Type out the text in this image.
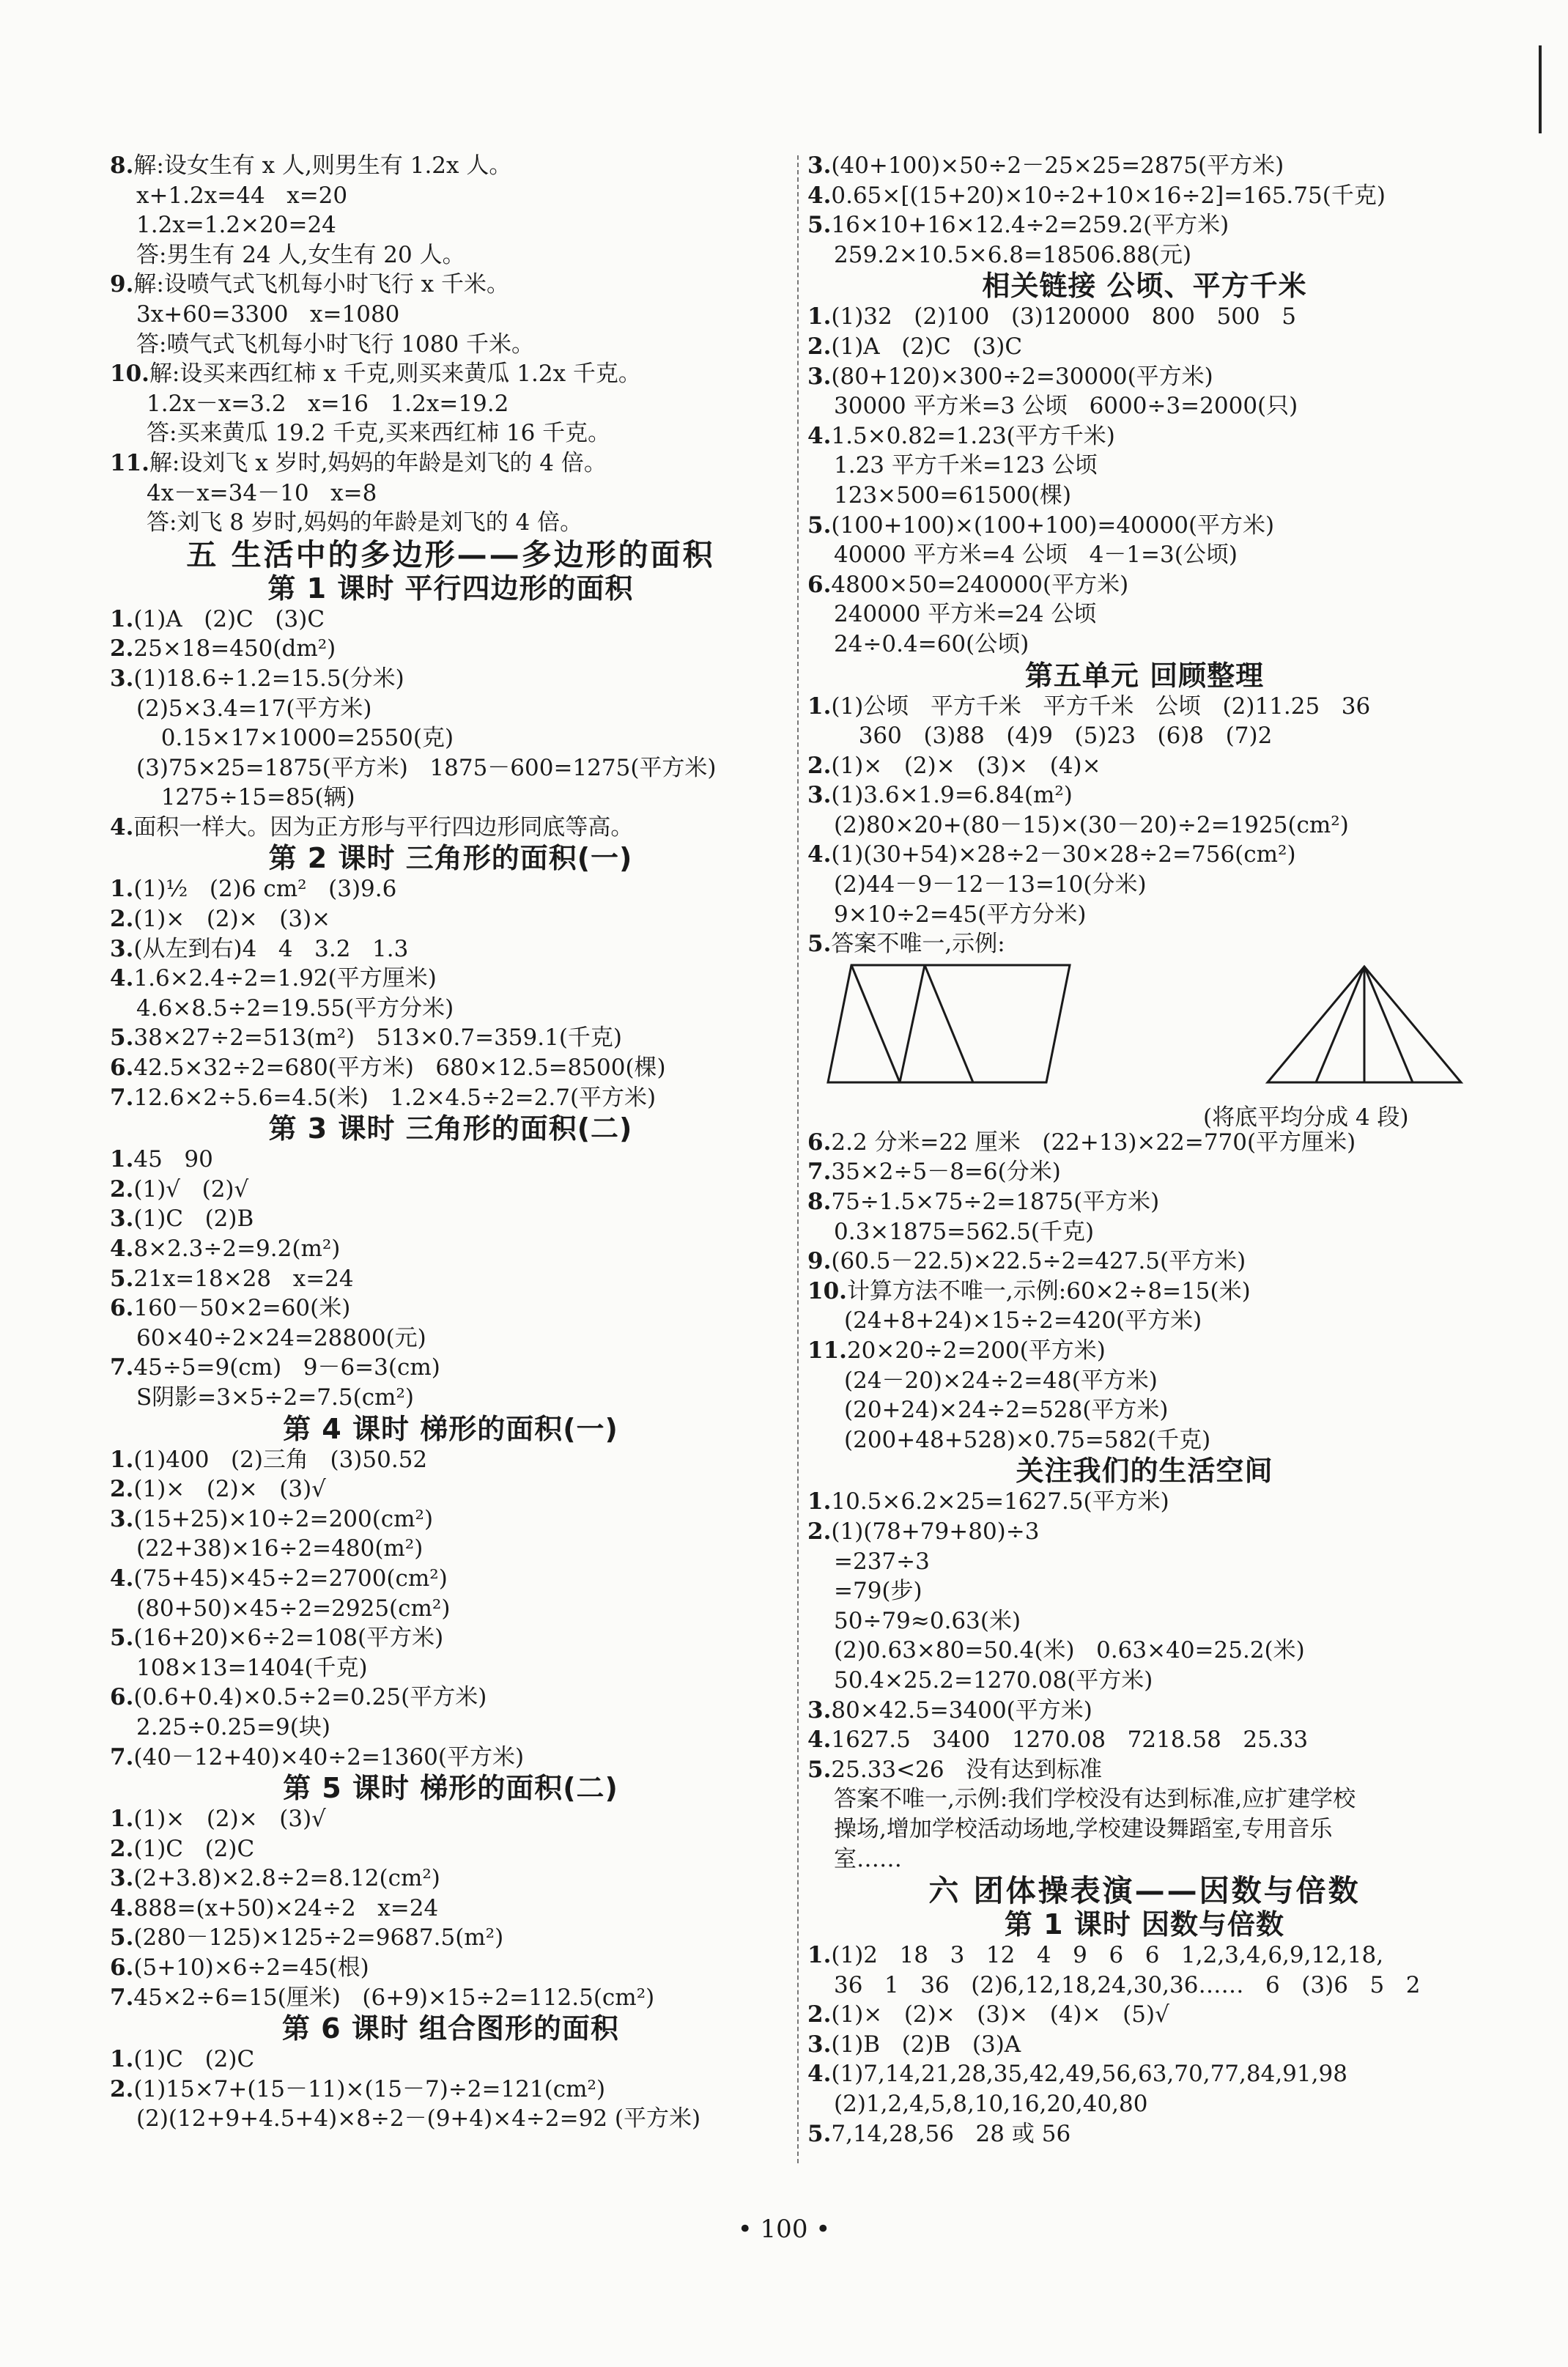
8.解:设女生有 x 人,则男生有 1.2x 人。
x+1.2x=44   x=20
1.2x=1.2×20=24
答:男生有 24 人,女生有 20 人。
9.解:设喷气式飞机每小时飞行 x 千米。
3x+60=3300   x=1080
答:喷气式飞机每小时飞行 1080 千米。
10.解:设买来西红柿 x 千克,则买来黄瓜 1.2x 千克。
1.2x－x=3.2   x=16   1.2x=19.2
答:买来黄瓜 19.2 千克,买来西红柿 16 千克。
11.解:设刘飞 x 岁时,妈妈的年龄是刘飞的 4 倍。
4x－x=34－10   x=8
答:刘飞 8 岁时,妈妈的年龄是刘飞的 4 倍。
五 生活中的多边形——多边形的面积
第 1 课时 平行四边形的面积
1.(1)A   (2)C   (3)C
2.25×18=450(dm²)
3.(1)18.6÷1.2=15.5(分米)
(2)5×3.4=17(平方米)
0.15×17×1000=2550(克)
(3)75×25=1875(平方米)   1875－600=1275(平方米)
1275÷15=85(辆)
4.面积一样大。因为正方形与平行四边形同底等高。
第 2 课时 三角形的面积(一)
1.(1)½   (2)6 cm²   (3)9.6
2.(1)×   (2)×   (3)×
3.(从左到右)4   4   3.2   1.3
4.1.6×2.4÷2=1.92(平方厘米)
4.6×8.5÷2=19.55(平方分米)
5.38×27÷2=513(m²)   513×0.7=359.1(千克)
6.42.5×32÷2=680(平方米)   680×12.5=8500(棵)
7.12.6×2÷5.6=4.5(米)   1.2×4.5÷2=2.7(平方米)
第 3 课时 三角形的面积(二)
1.45   90
2.(1)√   (2)√
3.(1)C   (2)B
4.8×2.3÷2=9.2(m²)
5.21x=18×28   x=24
6.160－50×2=60(米)
60×40÷2×24=28800(元)
7.45÷5=9(cm)   9－6=3(cm)
S阴影=3×5÷2=7.5(cm²)
第 4 课时 梯形的面积(一)
1.(1)400   (2)三角   (3)50.52
2.(1)×   (2)×   (3)√
3.(15+25)×10÷2=200(cm²)
(22+38)×16÷2=480(m²)
4.(75+45)×45÷2=2700(cm²)
(80+50)×45÷2=2925(cm²)
5.(16+20)×6÷2=108(平方米)
108×13=1404(千克)
6.(0.6+0.4)×0.5÷2=0.25(平方米)
2.25÷0.25=9(块)
7.(40－12+40)×40÷2=1360(平方米)
第 5 课时 梯形的面积(二)
1.(1)×   (2)×   (3)√
2.(1)C   (2)C
3.(2+3.8)×2.8÷2=8.12(cm²)
4.888=(x+50)×24÷2   x=24
5.(280－125)×125÷2=9687.5(m²)
6.(5+10)×6÷2=45(根)
7.45×2÷6=15(厘米)   (6+9)×15÷2=112.5(cm²)
第 6 课时 组合图形的面积
1.(1)C   (2)C
2.(1)15×7+(15－11)×(15－7)÷2=121(cm²)
(2)(12+9+4.5+4)×8÷2－(9+4)×4÷2=92 (平方米)
3.(40+100)×50÷2－25×25=2875(平方米)
4.0.65×[(15+20)×10÷2+10×16÷2]=165.75(千克)
5.16×10+16×12.4÷2=259.2(平方米)
259.2×10.5×6.8=18506.88(元)
相关链接 公顷、平方千米
1.(1)32   (2)100   (3)120000   800   500   5
2.(1)A   (2)C   (3)C
3.(80+120)×300÷2=30000(平方米)
30000 平方米=3 公顷   6000÷3=2000(只)
4.1.5×0.82=1.23(平方千米)
1.23 平方千米=123 公顷
123×500=61500(棵)
5.(100+100)×(100+100)=40000(平方米)
40000 平方米=4 公顷   4－1=3(公顷)
6.4800×50=240000(平方米)
240000 平方米=24 公顷
24÷0.4=60(公顷)
第五单元 回顾整理
1.(1)公顷   平方千米   平方千米   公顷   (2)11.25   36
360   (3)88   (4)9   (5)23   (6)8   (7)2
2.(1)×   (2)×   (3)×   (4)×
3.(1)3.6×1.9=6.84(m²)
(2)80×20+(80－15)×(30－20)÷2=1925(cm²)
4.(1)(30+54)×28÷2－30×28÷2=756(cm²)
(2)44－9－12－13=10(分米)
9×10÷2=45(平方分米)
5.答案不唯一,示例:
(将底平均分成 4 段)
6.2.2 分米=22 厘米   (22+13)×22=770(平方厘米)
7.35×2÷5－8=6(分米)
8.75÷1.5×75÷2=1875(平方米)
0.3×1875=562.5(千克)
9.(60.5－22.5)×22.5÷2=427.5(平方米)
10.计算方法不唯一,示例:60×2÷8=15(米)
(24+8+24)×15÷2=420(平方米)
11.20×20÷2=200(平方米)
(24－20)×24÷2=48(平方米)
(20+24)×24÷2=528(平方米)
(200+48+528)×0.75=582(千克)
关注我们的生活空间
1.10.5×6.2×25=1627.5(平方米)
2.(1)(78+79+80)÷3
=237÷3
=79(步)
50÷79≈0.63(米)
(2)0.63×80=50.4(米)   0.63×40=25.2(米)
50.4×25.2=1270.08(平方米)
3.80×42.5=3400(平方米)
4.1627.5   3400   1270.08   7218.58   25.33
5.25.33<26   没有达到标准
答案不唯一,示例:我们学校没有达到标准,应扩建学校
操场,增加学校活动场地,学校建设舞蹈室,专用音乐
室……
六 团体操表演——因数与倍数
第 1 课时 因数与倍数
1.(1)2   18   3   12   4   9   6   6   1,2,3,4,6,9,12,18,
36   1   36   (2)6,12,18,24,30,36……   6   (3)6   5   2
2.(1)×   (2)×   (3)×   (4)×   (5)√
3.(1)B   (2)B   (3)A
4.(1)7,14,21,28,35,42,49,56,63,70,77,84,91,98
(2)1,2,4,5,8,10,16,20,40,80
5.7,14,28,56   28 或 56
• 100 •
